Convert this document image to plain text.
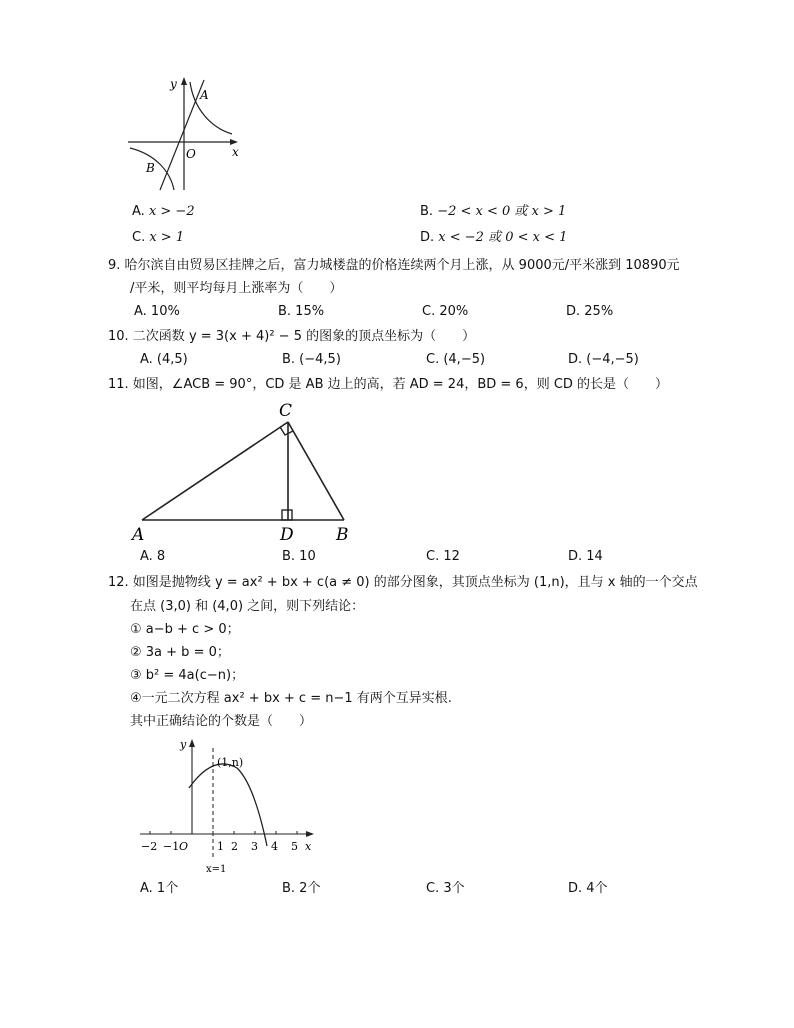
y
x
O
A
B
A. x > −2	B. −2 < x < 0 或 x > 1
C. x > 1	D. x < −2 或 0 < x < 1
9. 哈尔滨自由贸易区挂牌之后，富力城楼盘的价格连续两个月上涨，从 9000元/平米涨到 10890元
/平米，则平均每月上涨率为（　　）
A. 10%	B. 15%	C. 20%	D. 25%
10. 二次函数 y = 3(x + 4)² − 5 的图象的顶点坐标为（　　）
A. (4,5)	B. (−4,5)	C. (4,−5)	D. (−4,−5)
11. 如图，∠ACB = 90°，CD 是 AB 边上的高，若 AD = 24，BD = 6，则 CD 的长是（　　）
C
A	D B
A. 8	B. 10	C. 12	D. 14
12. 如图是抛物线 y = ax² + bx + c(a ≠ 0) 的部分图象，其顶点坐标为 (1,n)，且与 x 轴的一个交点
在点 (3,0) 和 (4,0) 之间，则下列结论：
① a−b + c > 0；
② 3a + b = 0；
③ b² = 4a(c−n)；
④一元二次方程 ax² + bx + c = n−1 有两个互异实根.
其中正确结论的个数是（　　）
−2 −1 O	1 2 3 4 5 x
y
(1,n)
x=1
A. 1个	B. 2个	C. 3个	D. 4个
